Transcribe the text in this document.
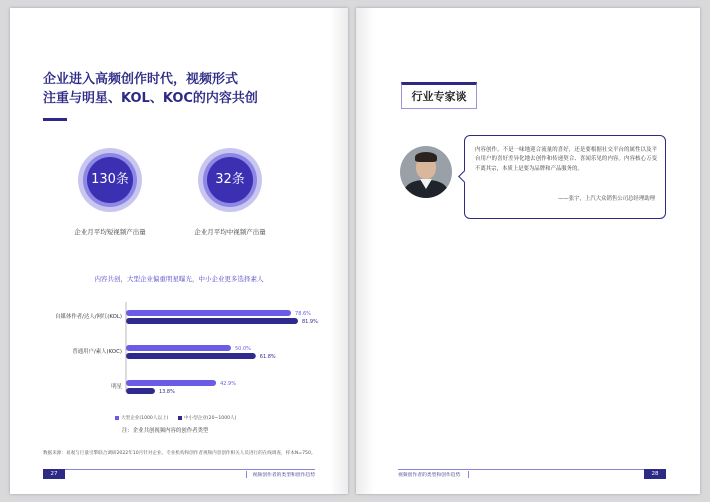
企业进入高频创作时代，视频形式
注重与明星、KOL、KOC的内容共创
130条
企业月平均短视频产出量
32条
企业月平均中视频产出量
内容共创，大型企业偏重明星曝光，中小企业更多选择素人
自媒体作者/达人/网红(KOL)	78.6%
81.9%
普通用户/素人(KOC)	50.0%
61.8%
明星	42.9%
13.8%
大型企业(1000人以上)	中小型企业(20~1000人)
注：企业共创视频内容的创作者类型
数据来源：易观与巨量引擎联合调研2022年10月针对企业、专业机构和创作者视频内容创作相关人员进行的在线调查，样本N=750。
27	视频创作者的类型和创作趋势
行业专家谈
内容创作，不是一味地迎合流量的喜好，还是要根据社交平台的属性以及平台用户的喜好差异化地去创作和传递契合、喜闻乐见的内容。内容核心万变不离其宗，本质上是要为品牌和产品服务的。
——张宇，上汽大众销售公司总经理助理
视频创作者的类型和创作趋势	28
